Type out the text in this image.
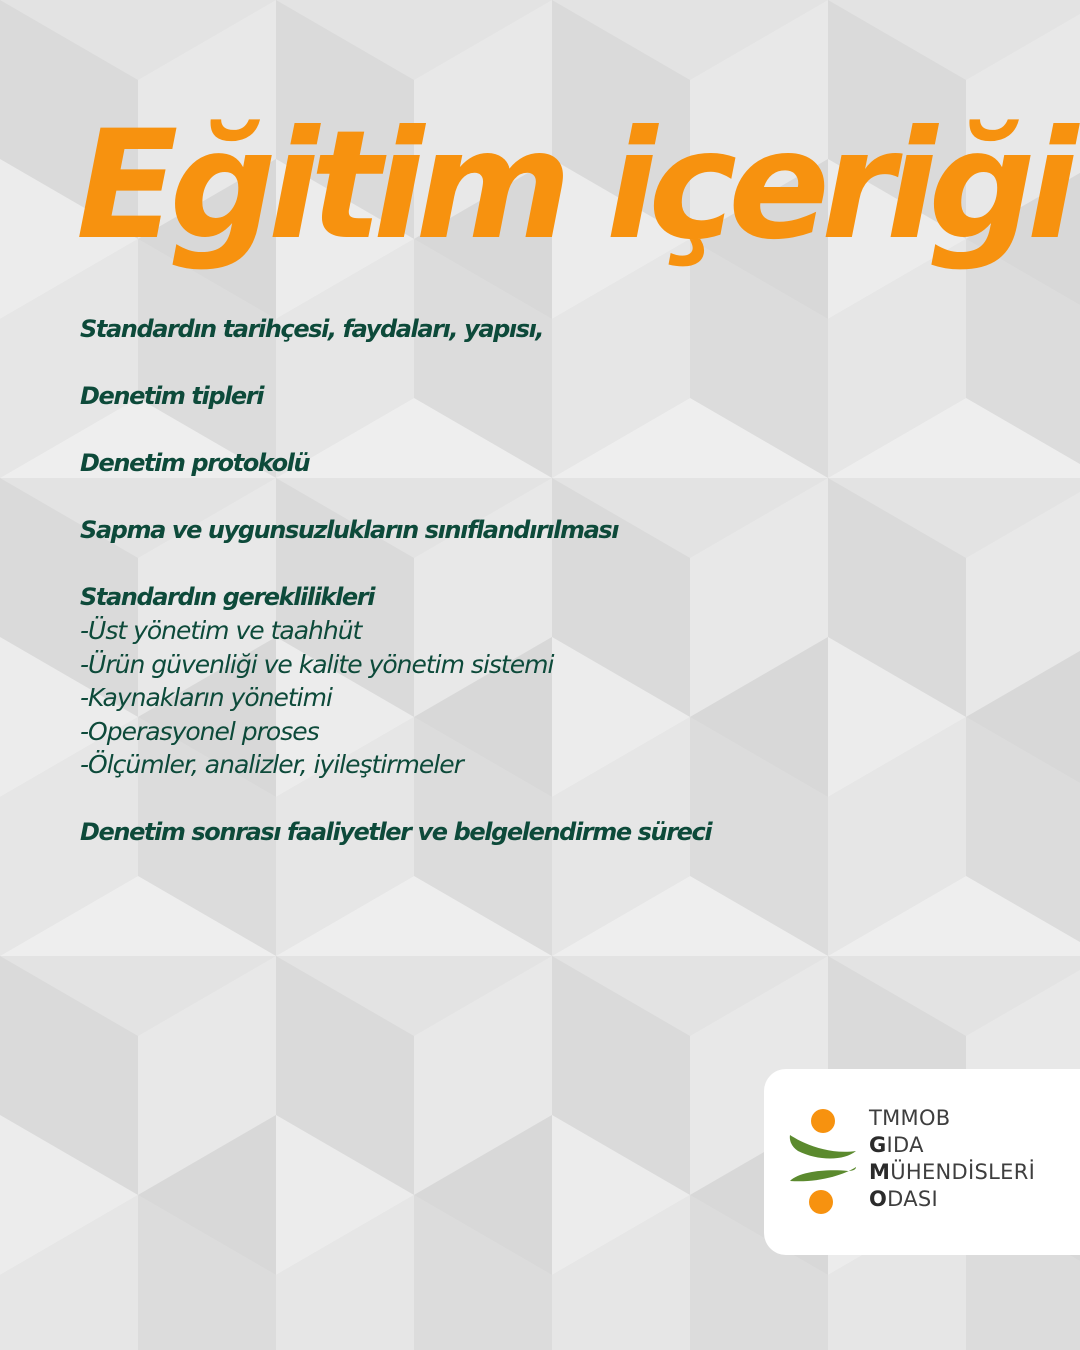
Eğitim içeriği
Standardın tarihçesi, faydaları, yapısı,
Denetim tipleri
Denetim protokolü
Sapma ve uygunsuzlukların sınıflandırılması
Standardın gereklilikleri
-Üst yönetim ve taahhüt
-Ürün güvenliği ve kalite yönetim sistemi
-Kaynakların yönetimi
-Operasyonel proses
-Ölçümler, analizler, iyileştirmeler
Denetim sonrası faaliyetler ve belgelendirme süreci
TMMOB
GIDA
MÜHENDİSLERİ
ODASI
